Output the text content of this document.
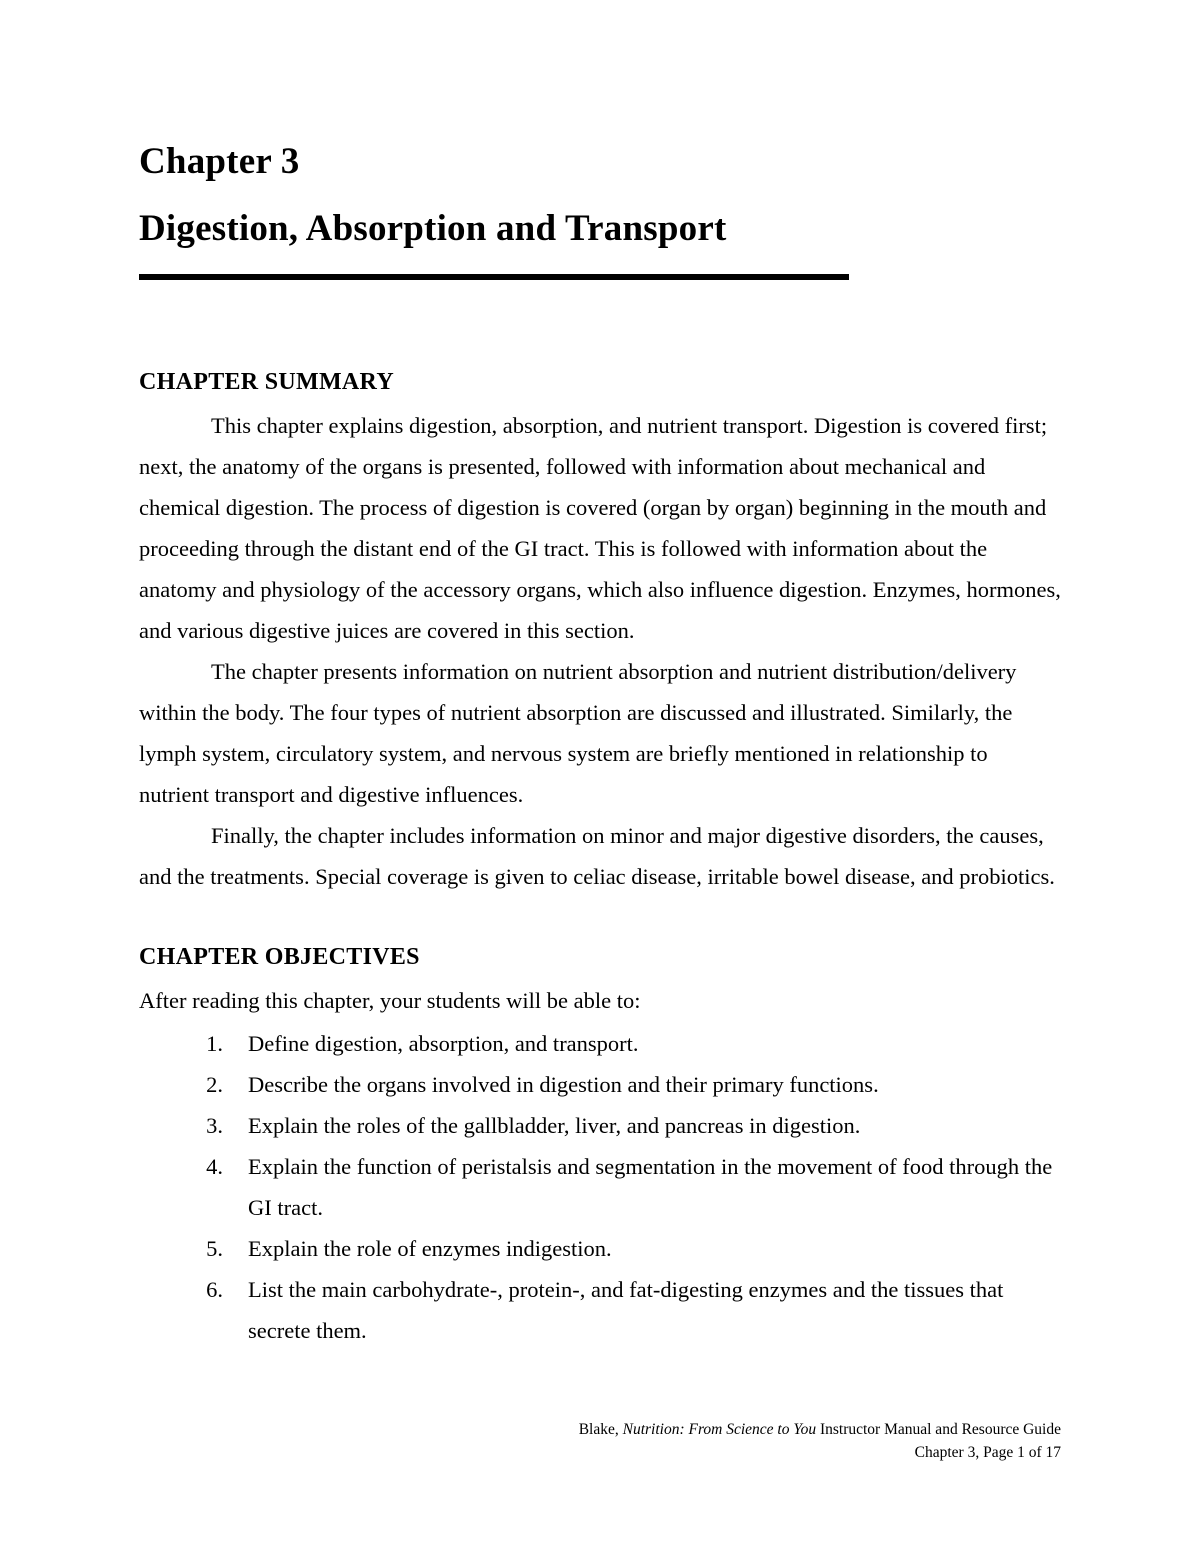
Chapter 3
Digestion, Absorption and Transport
CHAPTER SUMMARY

This chapter explains digestion, absorption, and nutrient transport. Digestion is covered first; next, the anatomy of the organs is presented, followed with information about mechanical and chemical digestion. The process of digestion is covered (organ by organ) beginning in the mouth and proceeding through the distant end of the GI tract. This is followed with information about the anatomy and physiology of the accessory organs, which also influence digestion. Enzymes, hormones, and various digestive juices are covered in this section.

The chapter presents information on nutrient absorption and nutrient distribution/delivery within the body. The four types of nutrient absorption are discussed and illustrated. Similarly, the lymph system, circulatory system, and nervous system are briefly mentioned in relationship to nutrient transport and digestive influences.

Finally, the chapter includes information on minor and major digestive disorders, the causes, and the treatments. Special coverage is given to celiac disease, irritable bowel disease, and probiotics.

CHAPTER OBJECTIVES

After reading this chapter, your students will be able to:

1. Define digestion, absorption, and transport.
2. Describe the organs involved in digestion and their primary functions.
3. Explain the roles of the gallbladder, liver, and pancreas in digestion.
4. Explain the function of peristalsis and segmentation in the movement of food through the GI tract.
5. Explain the role of enzymes indigestion.
6. List the main carbohydrate-, protein-, and fat-digesting enzymes and the tissues that secrete them.
Blake, Nutrition: From Science to You Instructor Manual and Resource Guide
Chapter 3, Page 1 of 17
